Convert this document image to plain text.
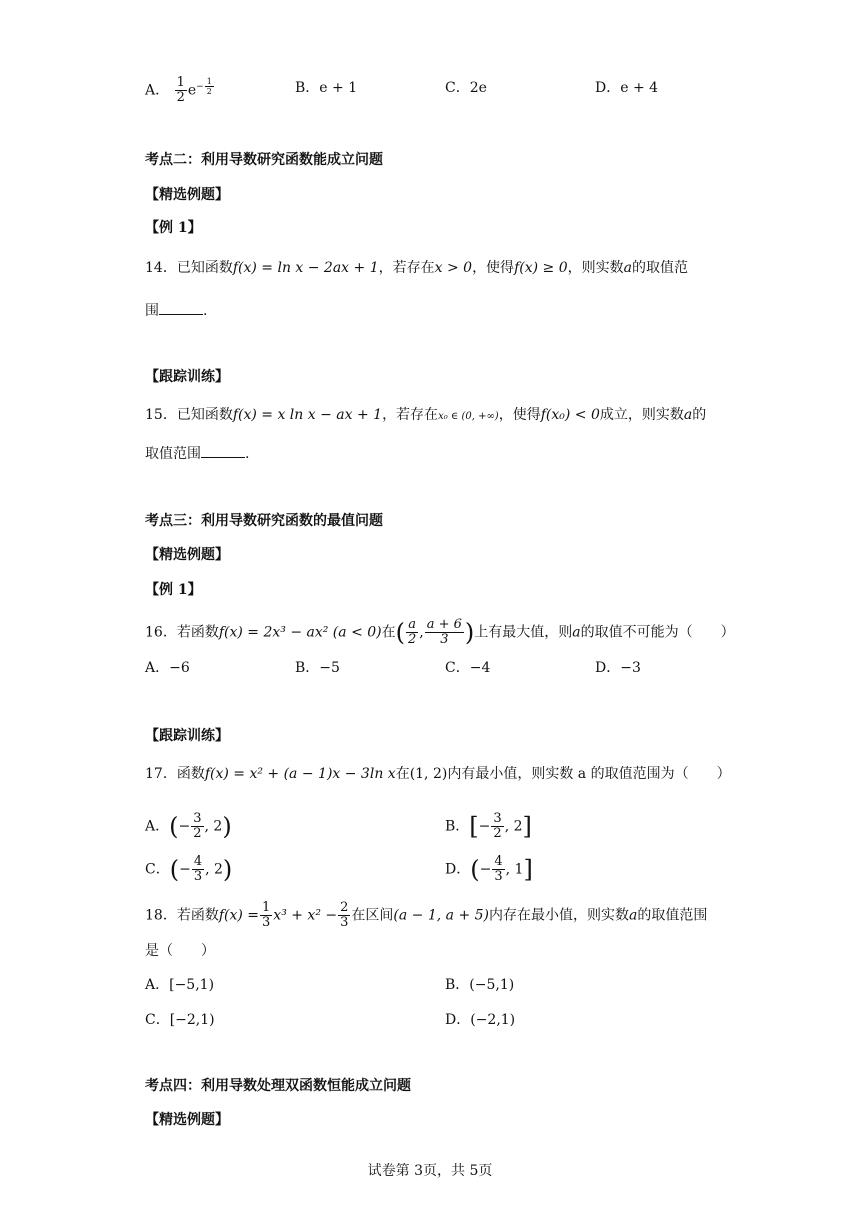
A． $\frac{1}{2} e^{- \frac{1}{2}}$	B．e + 1	C．2e	D．e + 4
考点二：利用导数研究函数能成立问题
【精选例题】
【例 1】
14．已知函数f(x) = ln x − 2ax + 1，若存在x > 0，使得f(x) ≥ 0，则实数a的取值范
围	.
【跟踪训练】
15．已知函数f(x) = x ln x − ax + 1，若存在x₀ ∈ (0, +∞)，使得f(x₀) < 0成立，则实数a的
取值范围	.
考点三：利用导数研究函数的最值问题
【精选例题】
【例 1】
16．若函数f(x) = 2x³ − ax² (a < 0)在( $\frac{a}{2}$ , $\frac{a + 6}{3}$ )上有最大值，则a的取值不可能为（　　）
A．−6	B．−5	C．−4	D．−3
【跟踪训练】
17．函数f(x) = x² + (a − 1)x − 3ln x在(1, 2)内有最小值，则实数 a 的取值范围为（　　）
A．(− $\frac{3}{2}$ , 2)	B．[− $\frac{3}{2}$ , 2]
C．(− $\frac{4}{3}$ , 2)	D．(− $\frac{4}{3}$ , 1]
18．若函数$f(x) = \frac{1}{3} x^3 + x^2 - \frac{2}{3}$ 在区间(a − 1, a + 5)内存在最小值，则实数a的取值范围
是（　　）
A．[−5,1)	B．(−5,1)
C．[−2,1)	D．(−2,1)
考点四：利用导数处理双函数恒能成立问题
【精选例题】
试卷第 3页，共 5页
